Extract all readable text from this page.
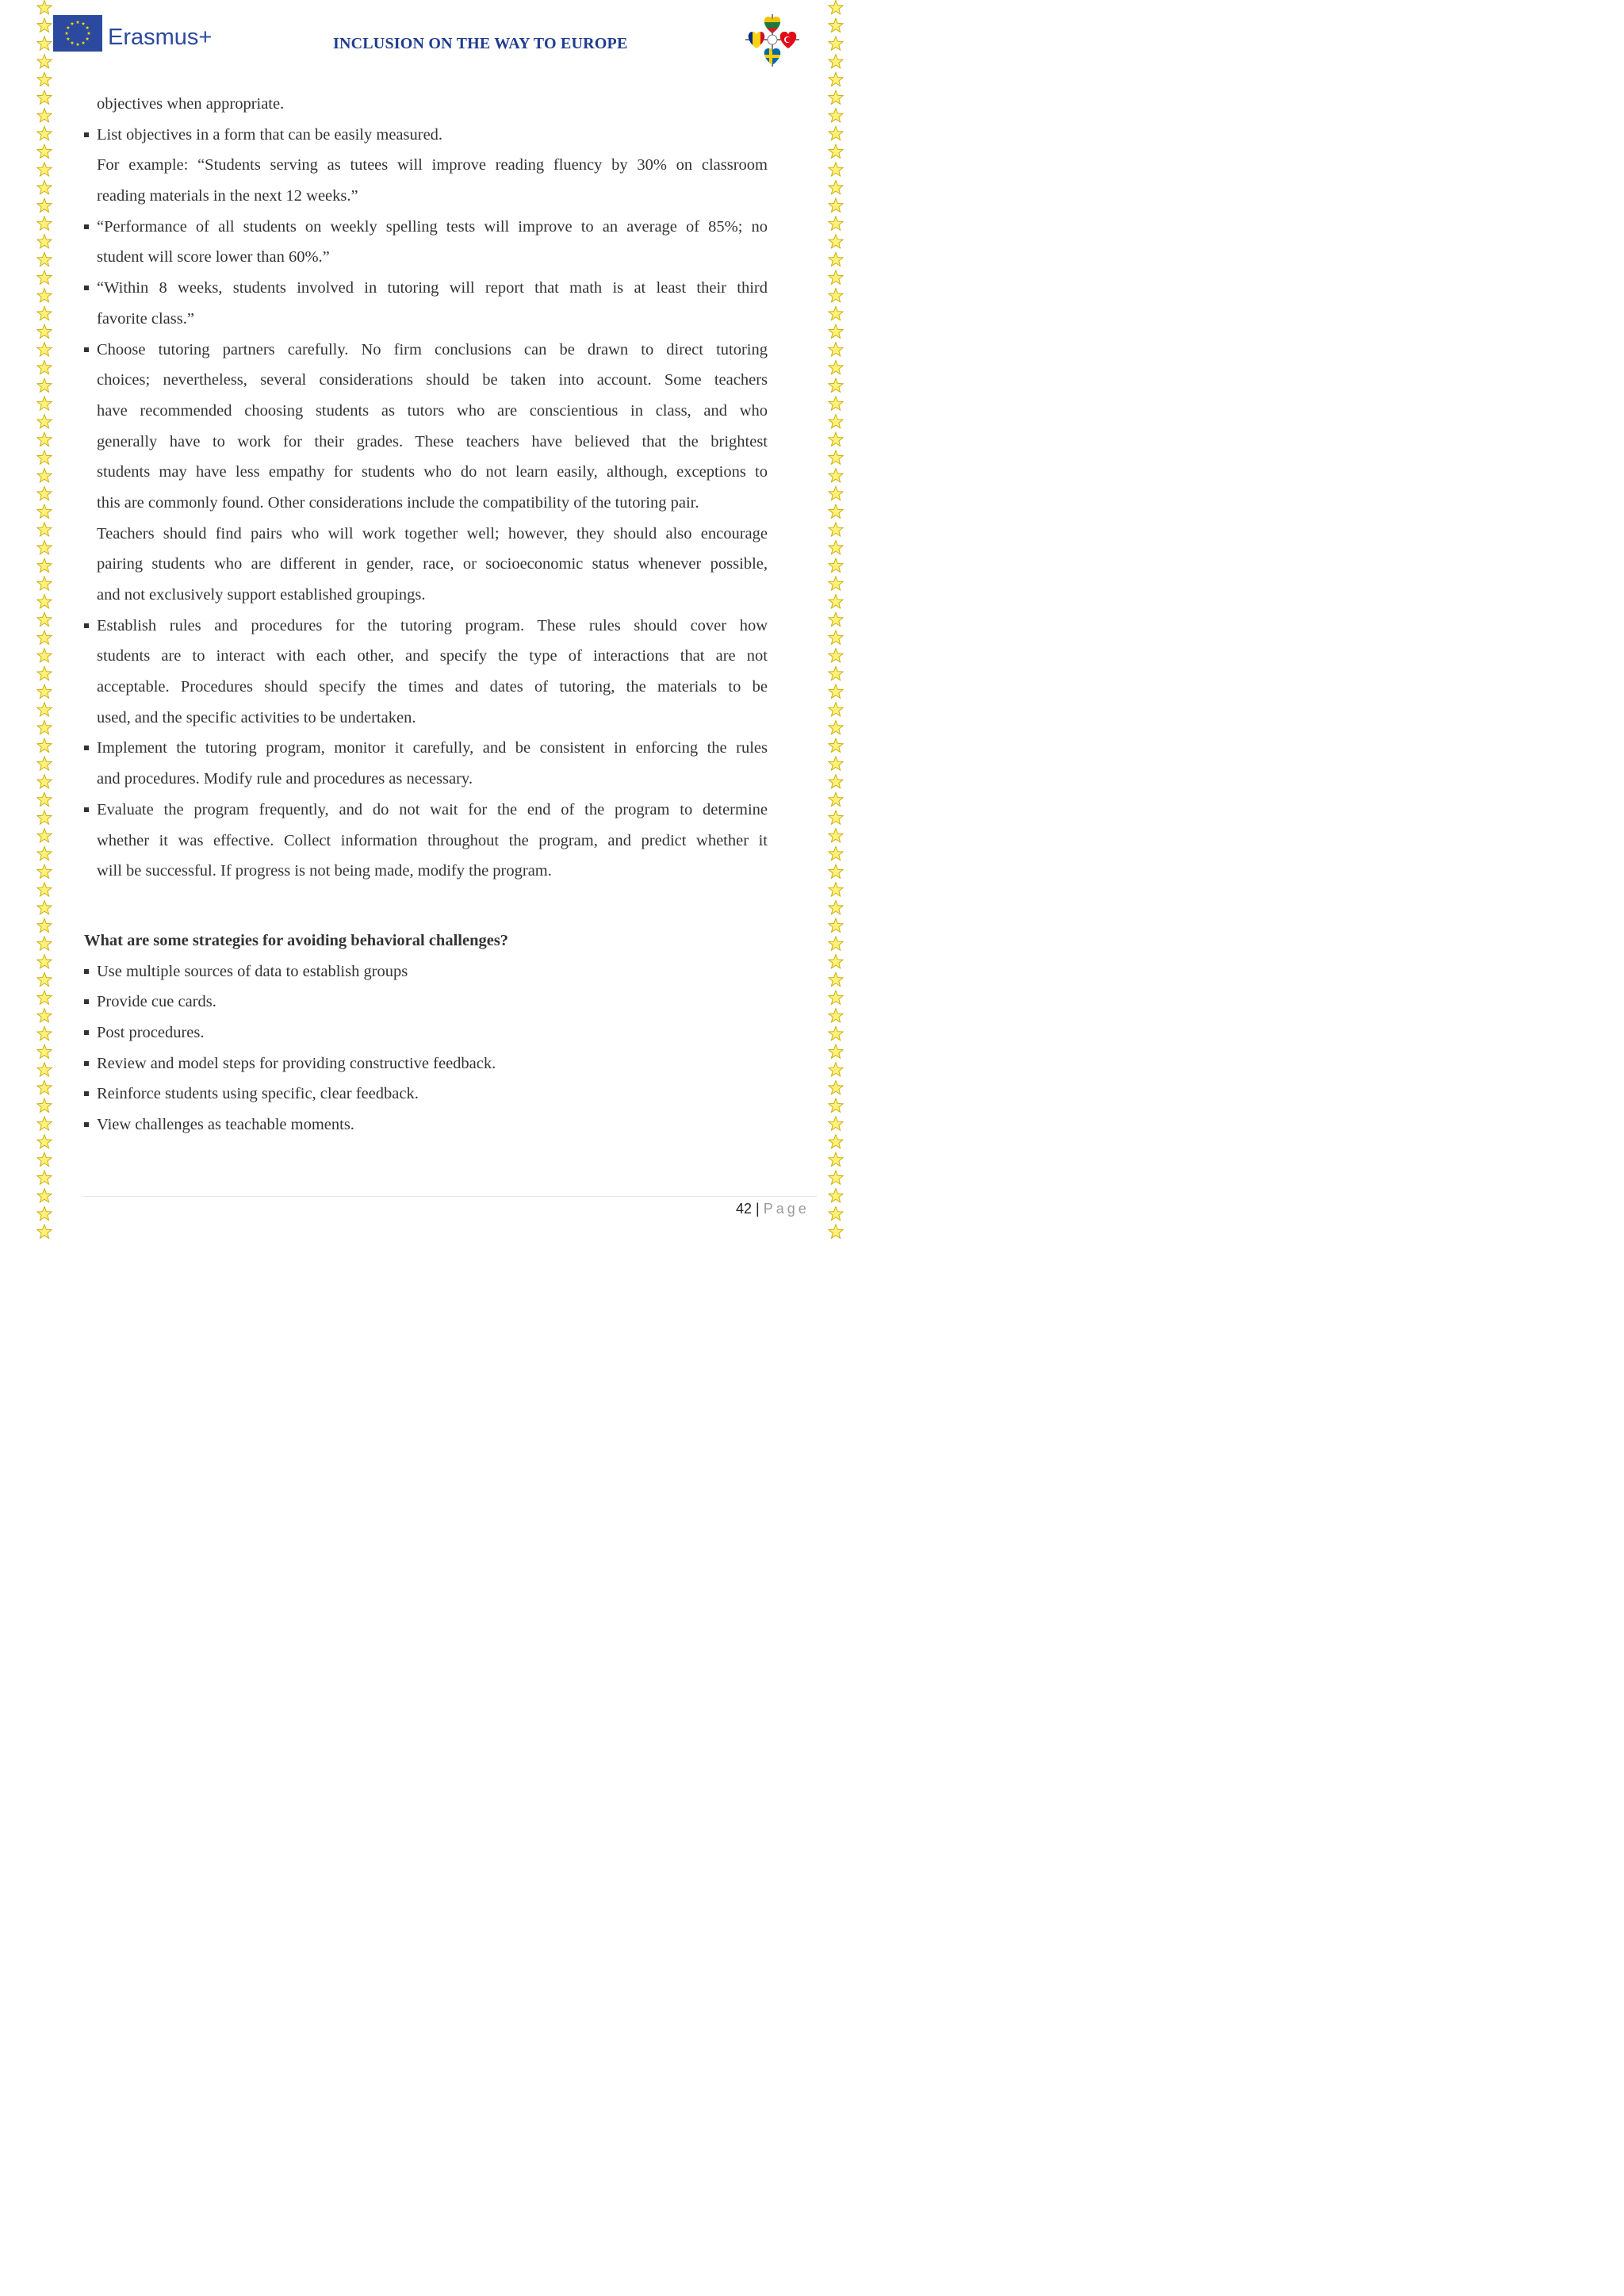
Erasmus+	INCLUSION ON THE WAY TO EUROPE
objectives when appropriate.
List objectives in a form that can be easily measured.
For example: “Students serving as tutees will improve reading fluency by 30% on classroom
reading materials in the next 12 weeks.”
“Performance of all students on weekly spelling tests will improve to an average of 85%; no
student will score lower than 60%.”
“Within 8 weeks, students involved in tutoring will report that math is at least their third
favorite class.”
Choose tutoring partners carefully. No firm conclusions can be drawn to direct tutoring
choices; nevertheless, several considerations should be taken into account. Some teachers
have recommended choosing students as tutors who are conscientious in class, and who
generally have to work for their grades. These teachers have believed that the brightest
students may have less empathy for students who do not learn easily, although, exceptions to
this are commonly found. Other considerations include the compatibility of the tutoring pair.
Teachers should find pairs who will work together well; however, they should also encourage
pairing students who are different in gender, race, or socioeconomic status whenever possible,
and not exclusively support established groupings.
Establish rules and procedures for the tutoring program. These rules should cover how
students are to interact with each other, and specify the type of interactions that are not
acceptable. Procedures should specify the times and dates of tutoring, the materials to be
used, and the specific activities to be undertaken.
Implement the tutoring program, monitor it carefully, and be consistent in enforcing the rules
and procedures. Modify rule and procedures as necessary.
Evaluate the program frequently, and do not wait for the end of the program to determine
whether it was effective. Collect information throughout the program, and predict whether it
will be successful. If progress is not being made, modify the program.
What are some strategies for avoiding behavioral challenges?
Use multiple sources of data to establish groups
Provide cue cards.
Post procedures.
Review and model steps for providing constructive feedback.
Reinforce students using specific, clear feedback.
View challenges as teachable moments.
42 | Page
